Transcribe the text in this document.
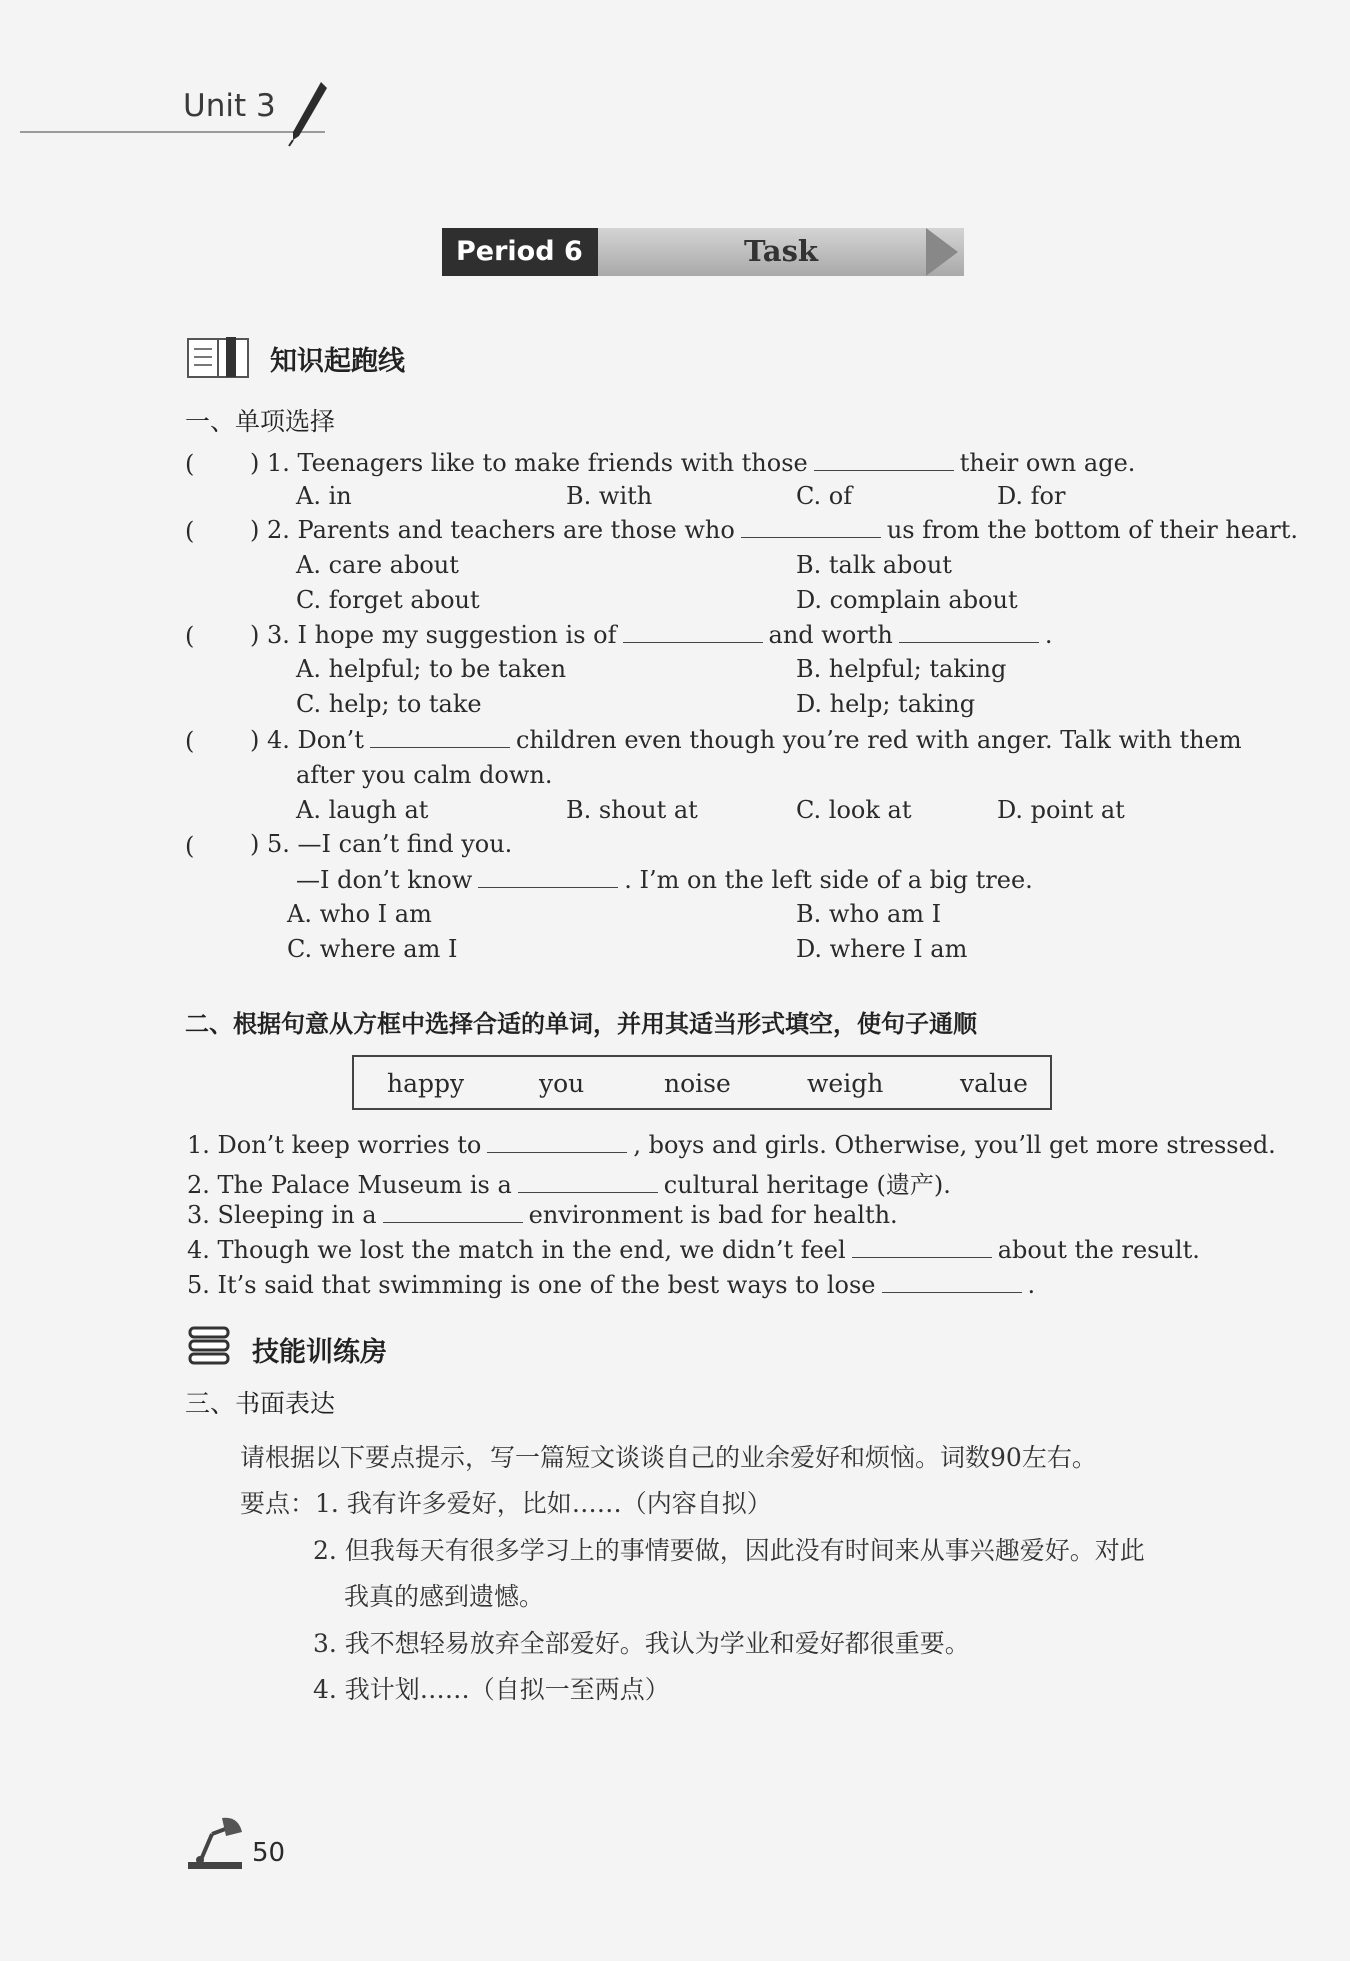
Unit 3
Period 6	Task
知识起跑线
一、单项选择
( ) 1. Teenagers like to make friends with those	their own age.
A. in	B. with	C. of	D. for
( ) 2. Parents and teachers are those who	us from the bottom of their heart.
A. care about	B. talk about
C. forget about	D. complain about
( ) 3. I hope my suggestion is of	and worth	.
A. helpful; to be taken	B. helpful; taking
C. help; to take	D. help; taking
( ) 4. Don’t	children even though you’re red with anger. Talk with them
after you calm down.
A. laugh at	B. shout at	C. look at	D. point at
( ) 5. —I can’t find you.
—I don’t know	. I’m on the left side of a big tree.
A. who I am	B. who am I
C. where am I	D. where I am
二、根据句意从方框中选择合适的单词，并用其适当形式填空，使句子通顺
happy	you	noise	weigh	value
1. Don’t keep worries to	, boys and girls. Otherwise, you’ll get more stressed.
2. The Palace Museum is a	cultural heritage (遗产).
3. Sleeping in a	environment is bad for health.
4. Though we lost the match in the end, we didn’t feel	about the result.
5. It’s said that swimming is one of the best ways to lose	.
技能训练房
三、书面表达
请根据以下要点提示，写一篇短文谈谈自己的业余爱好和烦恼。词数90左右。
要点：1. 我有许多爱好，比如……（内容自拟）
2. 但我每天有很多学习上的事情要做，因此没有时间来从事兴趣爱好。对此
我真的感到遗憾。
3. 我不想轻易放弃全部爱好。我认为学业和爱好都很重要。
4. 我计划……（自拟一至两点）
50
